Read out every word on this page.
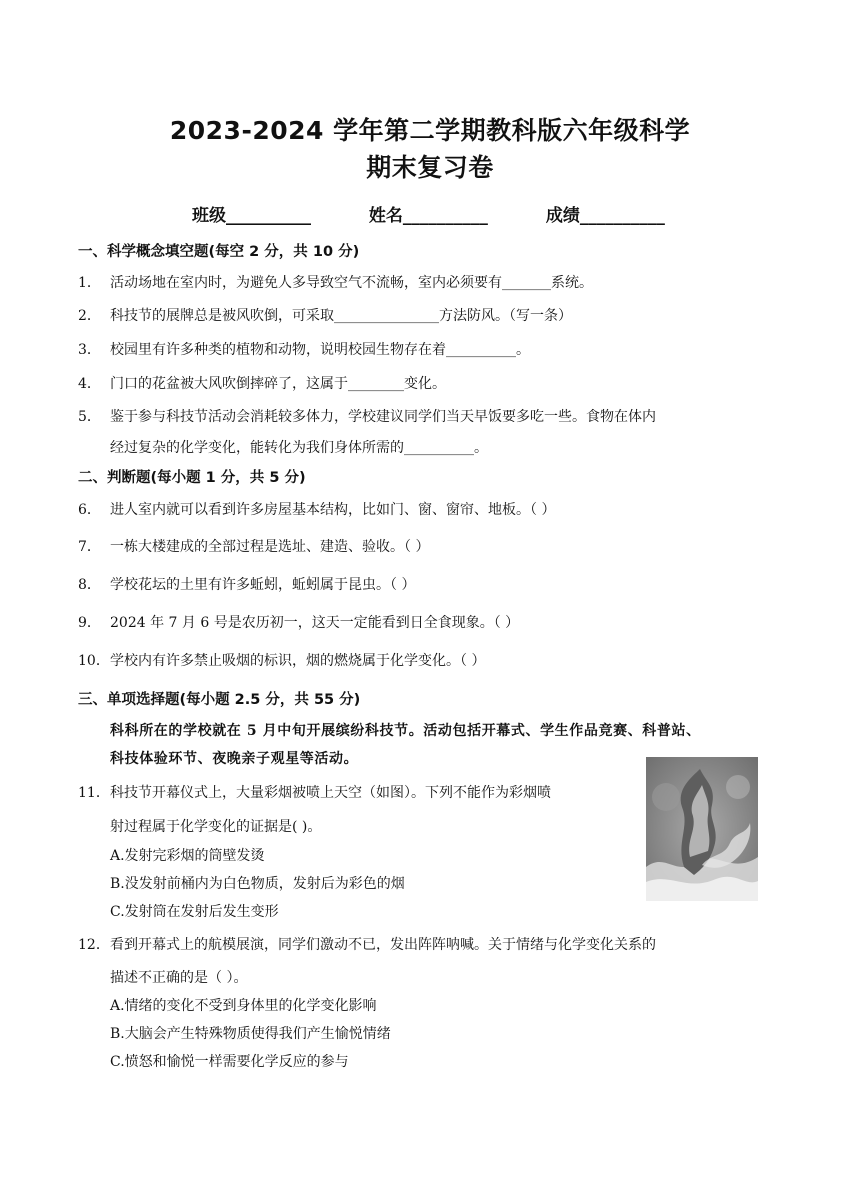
2023-2024 学年第二学期教科版六年级科学
期末复习卷
班级__________	姓名__________	成绩__________
一、科学概念填空题(每空 2 分，共 10 分)
1． 活动场地在室内时，为避免人多导致空气不流畅，室内必须要有_______系统。
2． 科技节的展牌总是被风吹倒，可采取_______________方法防风。（写一条）
3． 校园里有许多种类的植物和动物，说明校园生物存在着__________。
4． 门口的花盆被大风吹倒摔碎了，这属于________变化。
5． 鉴于参与科技节活动会消耗较多体力，学校建议同学们当天早饭要多吃一些。食物在体内
经过复杂的化学变化，能转化为我们身体所需的__________。
二、判断题(每小题 1 分，共 5 分)
6． 进人室内就可以看到许多房屋基本结构，比如门、窗、窗帘、地板。（ ）
7． 一栋大楼建成的全部过程是选址、建造、验收。（ ）
8． 学校花坛的土里有许多蚯蚓，蚯蚓属于昆虫。（ ）
9． 2024 年 7 月 6 号是农历初一，这天一定能看到日全食现象。（ ）
10．学校内有许多禁止吸烟的标识，烟的燃烧属于化学变化。（ ）
三、单项选择题(每小题 2.5 分，共 55 分)
科科所在的学校就在 5 月中旬开展缤纷科技节。活动包括开幕式、学生作品竞赛、科普站、
科技体验环节、夜晚亲子观星等活动。
11．科技节开幕仪式上，大量彩烟被喷上天空（如图）。下列不能作为彩烟喷
射过程属于化学变化的证据是( )。
A.发射完彩烟的筒壁发烫
B.没发射前桶内为白色物质，发射后为彩色的烟
C.发射筒在发射后发生变形
12．看到开幕式上的航模展演，同学们激动不已，发出阵阵呐喊。关于情绪与化学变化关系的
描述不正确的是（ ）。
A.情绪的变化不受到身体里的化学变化影响
B.大脑会产生特殊物质使得我们产生愉悦情绪
C.愤怒和愉悦一样需要化学反应的参与
